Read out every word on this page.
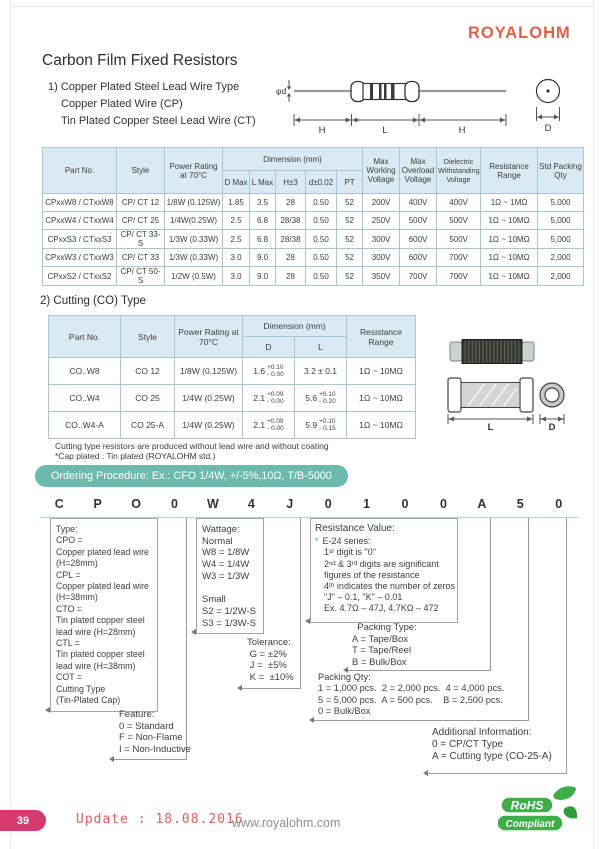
ROYALOHM
Carbon Film Fixed Resistors
1) Copper Plated Steel Lead Wire Type
Copper Plated Wire (CP)
Tin Plated Copper Steel Lead Wire (CT)
φd
H	L	H	D
Part No.	Style	Power Rating at 70°C	Dimension (mm)					Max Working Voltage	Max Overload Voltage	Dielectric Withstanding Voltage	Resistance Range	Std Packing Qty
			D Max	L Max	H±3	d±0.02	PT					
CPxxW8 / CTxxW8	CP/ CT 12	1/8W (0.125W)	1.85	3.5	28	0.50	52	200V	400V	400V	1Ω ~ 1MΩ	5,000
CPxxW4 / CTxxW4	CP/ CT 25	1/4W(0.25W)	2.5	6.8	28/38	0.50	52	250V	500V	500V	1Ω ~ 10MΩ	5,000
CPxxS3 / CTxxS3	CP/ CT 33-S	1/3W (0.33W)	2.5	6.8	28/38	0.50	52	300V	600V	500V	1Ω ~ 10MΩ	5,000
CPxxW3 / CTxxW3	CP/ CT 33	1/3W (0.33W)	3.0	9.0	28	0.50	52	300V	600V	700V	1Ω ~ 10MΩ	2,000
CPxxS2 / CTxxS2	CP/ CT 50-S	1/2W (0.5W)	3.0	9.0	28	0.50	52	350V	700V	700V	1Ω ~ 10MΩ	2,000
2) Cutting (CO) Type
Part No.	Style	Power Rating at 70°C	Dimension (mm)		Resistance Range
			D	L	
CO..W8	CO 12	1/8W (0.125W)	1.6 +0.10
- 0.00	3.2 ± 0.1	1Ω ~ 10MΩ
CO..W4	CO 25	1/4W (0.25W)	2.1 +0.09
- 0.00	5.6 +0.10
- 0.20	1Ω ~ 10MΩ
CO..W4-A	CO 25-A	1/4W (0.25W)	2.1 +0.09
- 0.00	5.9 +0.10
- 0.15	1Ω ~ 10MΩ	L	D
Cutting type resistors are produced without lead wire and without coating
*Cap plated : Tin plated (ROYALOHM std.)
Ordering Procedure: Ex.: CFO 1/4W, +/-5%,10Ω, T/B-5000
C	P	O	0	W	4	J	0	1	0	0	A	5	0
Type:
CPO =
Copper plated lead wire
(H=28mm)
CPL =
Copper plated lead wire
(H=38mm)
CTO =
Tin plated copper steel
lead wire (H=28mm)
CTL =
Tin plated copper steel
lead wire (H=38mm)
COT =
Cutting Type
(Tin-Plated Cap)
Feature:
0 = Standard
F = Non-Flame
I = Non-Inductive
Wattage:
Normal
W8 = 1/8W
W4 = 1/4W
W3 = 1/3W

Small
S2 = 1/2W-S
S3 = 1/3W-S
Tolerance:
G = ±2%
J =  ±5%
K =  ±10%
Resistance Value:
* E-24 series:
1ˢᵗ digit is "0"
2ⁿᵈ & 3ʳᵈ digits are significant
figures of the resistance
4ᵗʰ indicates the number of zeros
"J" – 0.1, "K" – 0.01
Ex. 4.7Ω – 47J, 4.7KΩ – 472
Packing Type:
A = Tape/Box
T = Tape/Reel
B = Bulk/Box
Packing Qty:
1 = 1,000 pcs.  2 = 2,000 pcs.  4 = 4,000 pcs.
5 = 5,000 pcs.  A = 500 pcs.    B = 2,500 pcs.
0 = Bulk/Box
Additional Information:
0 = CP/CT Type
A = Cutting type (CO-25-A)
39	Update : 18.08.2016
www.royalohm.com
RoHS
Compliant
